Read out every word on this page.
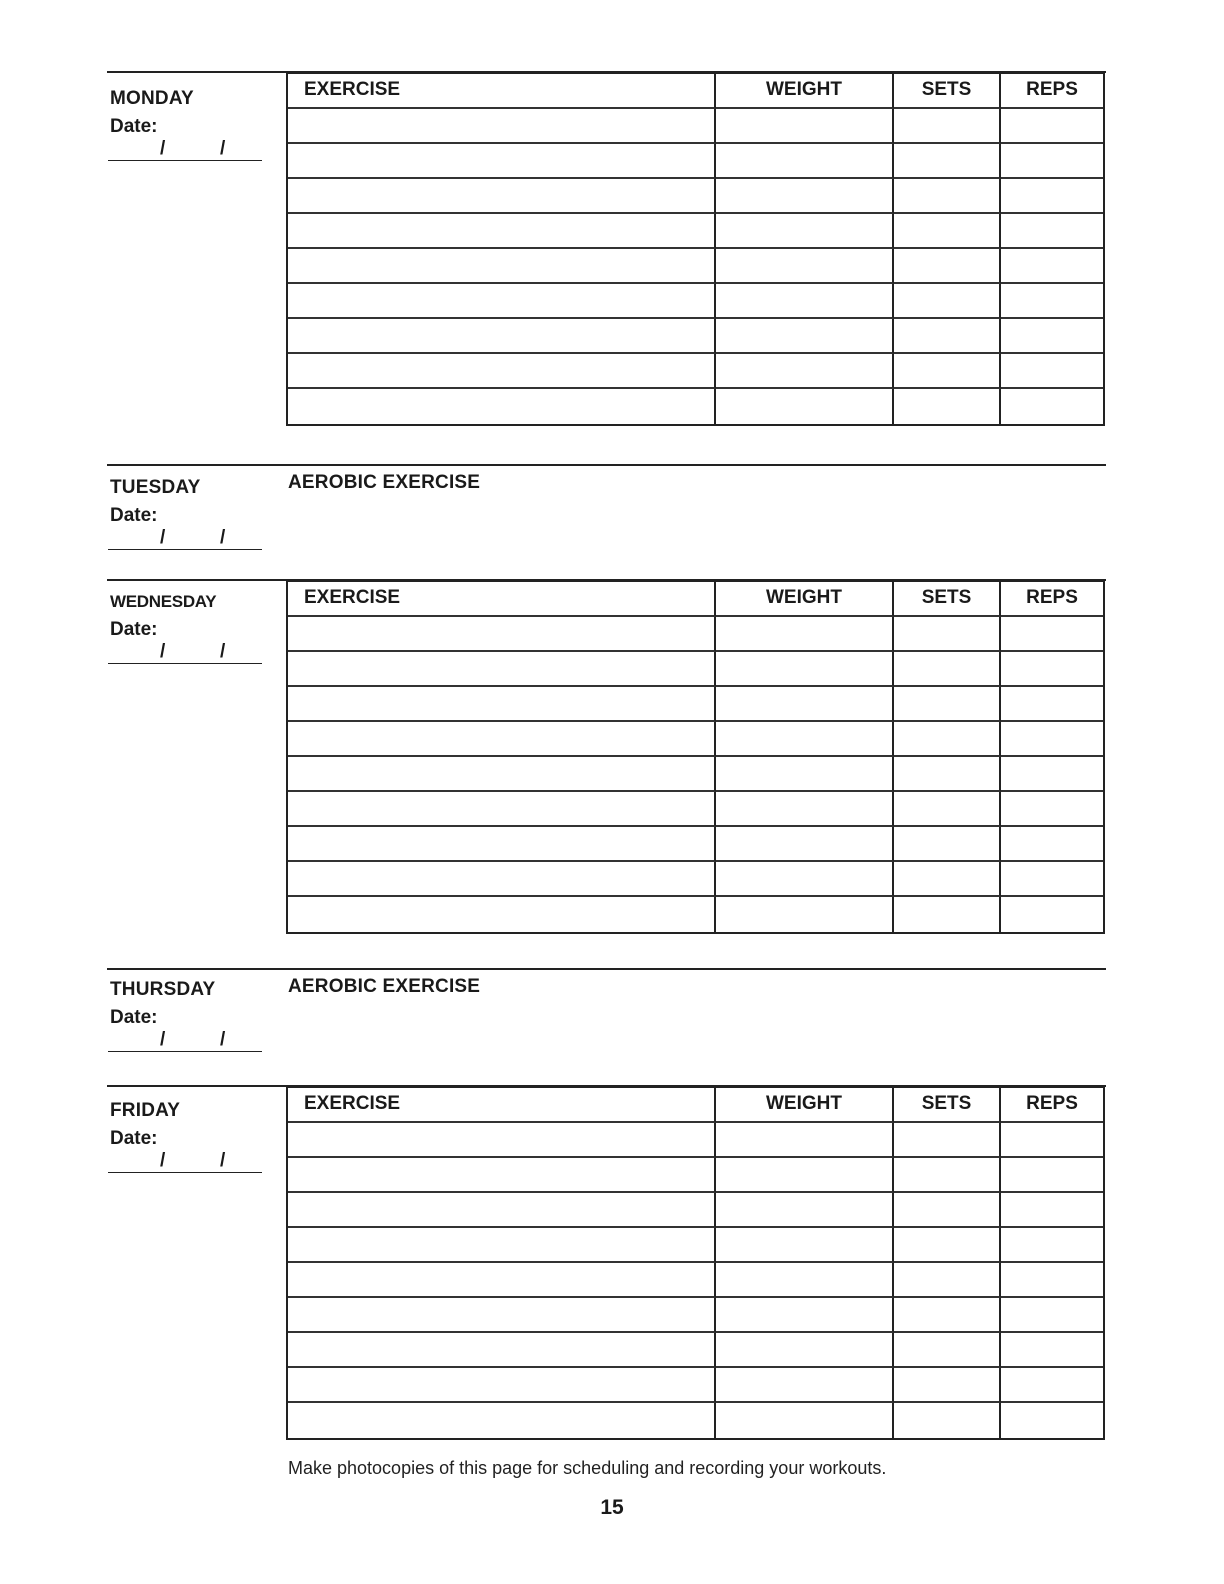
MONDAY
Date:
/	/
EXERCISE	WEIGHT	SETS	REPS
TUESDAY
Date:
/	/
AEROBIC EXERCISE
WEDNESDAY
Date:
/	/
EXERCISE	WEIGHT	SETS	REPS
THURSDAY
Date:
/	/
AEROBIC EXERCISE
FRIDAY
Date:
/	/
EXERCISE	WEIGHT	SETS	REPS
Make photocopies of this page for scheduling and recording your workouts.
15
